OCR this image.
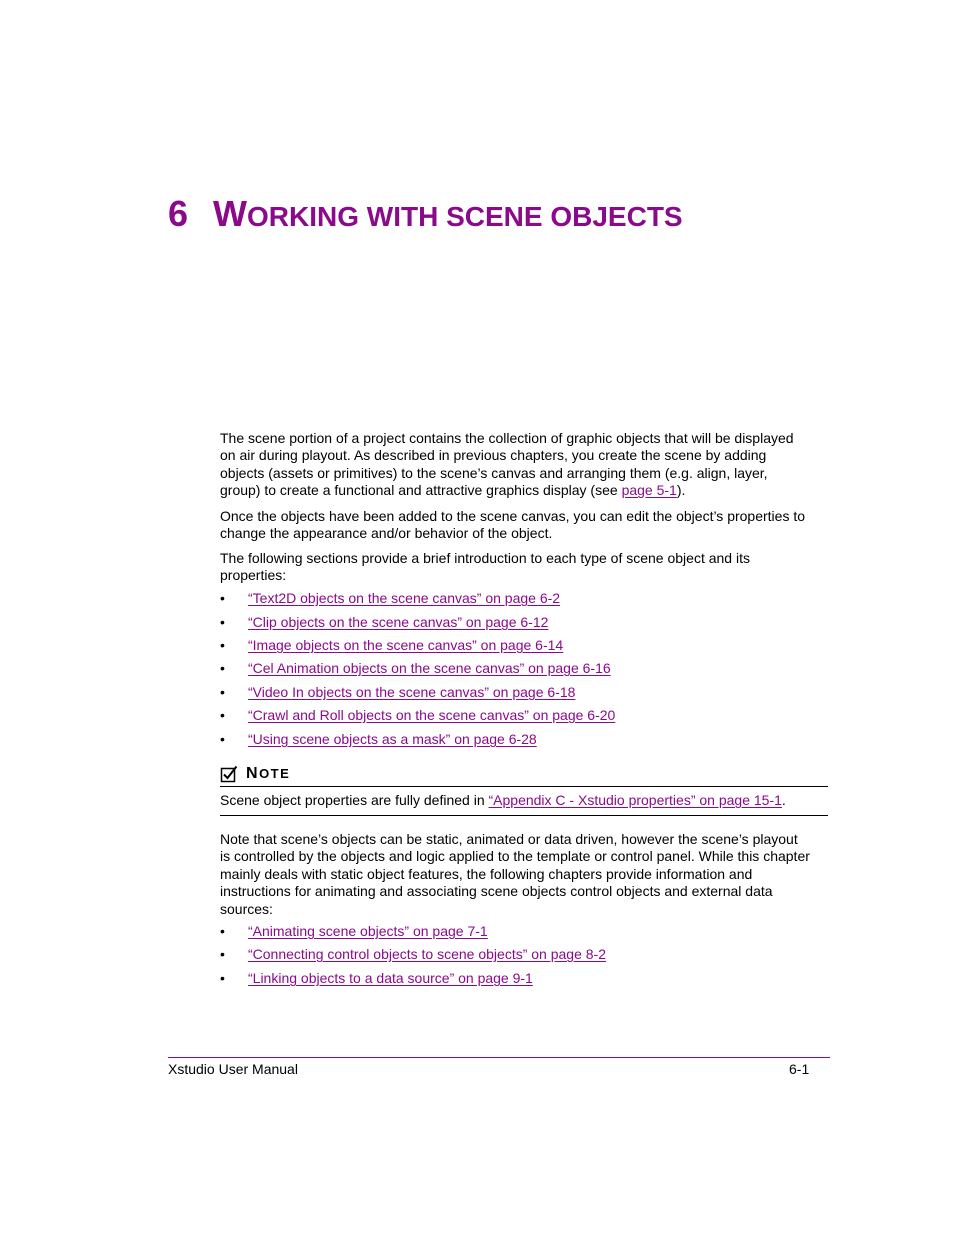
6 WORKING WITH SCENE OBJECTS

The scene portion of a project contains the collection of graphic objects that will be displayed on air during playout. As described in previous chapters, you create the scene by adding objects (assets or primitives) to the scene’s canvas and arranging them (e.g. align, layer, group) to create a functional and attractive graphics display (see page 5-1).

Once the objects have been added to the scene canvas, you can edit the object’s properties to change the appearance and/or behavior of the object.

The following sections provide a brief introduction to each type of scene object and its properties:

• “Text2D objects on the scene canvas” on page 6-2
• “Clip objects on the scene canvas” on page 6-12
• “Image objects on the scene canvas” on page 6-14
• “Cel Animation objects on the scene canvas” on page 6-16
• “Video In objects on the scene canvas” on page 6-18
• “Crawl and Roll objects on the scene canvas” on page 6-20
• “Using scene objects as a mask” on page 6-28
NOTE
Scene object properties are fully defined in “Appendix C - Xstudio properties” on page 15-1.

Note that scene’s objects can be static, animated or data driven, however the scene’s playout is controlled by the objects and logic applied to the template or control panel. While this chapter mainly deals with static object features, the following chapters provide information and instructions for animating and associating scene objects control objects and external data sources:

• “Animating scene objects” on page 7-1
• “Connecting control objects to scene objects” on page 8-2
• “Linking objects to a data source” on page 9-1
Xstudio User Manual	6-1
